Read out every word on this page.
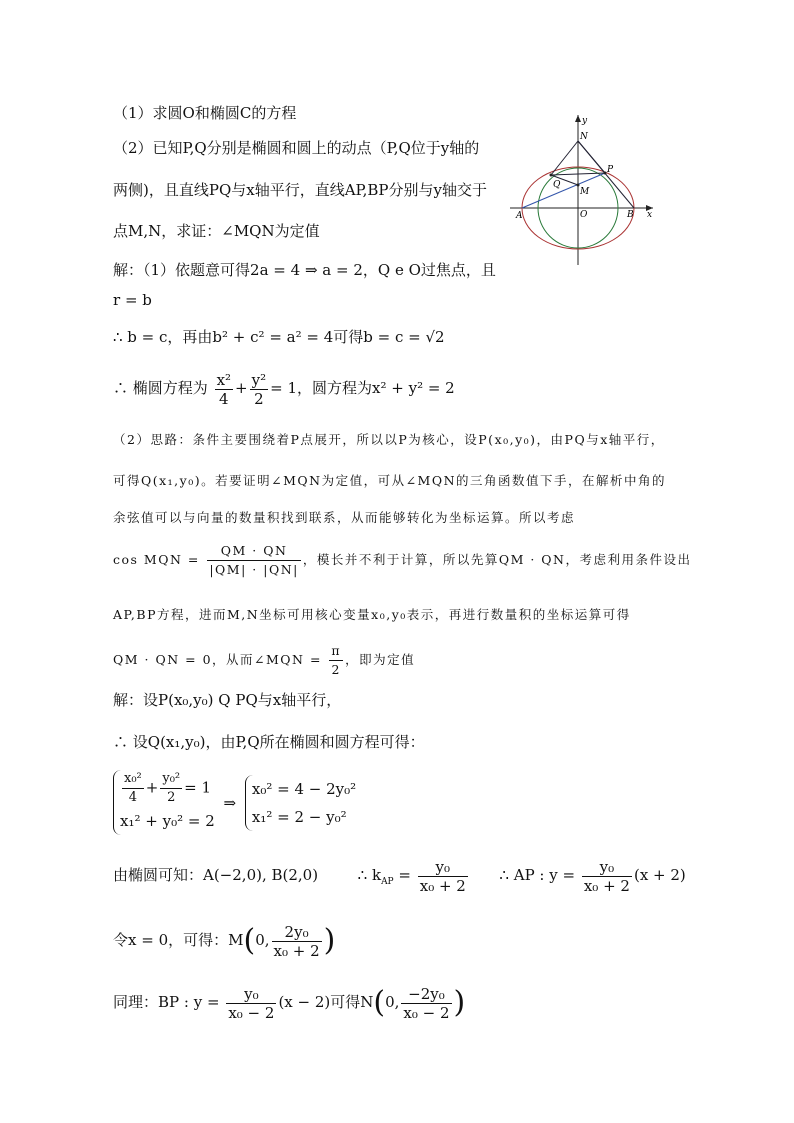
（1）求圆O和椭圆C的方程
（2）已知P,Q分别是椭圆和圆上的动点（P,Q位于y轴的
两侧)，且直线PQ与x轴平行，直线AP,BP分别与y轴交于
点M,N，求证：∠MQN为定值
y
N
P
Q
M
A	O	B x
解：（1）依题意可得2a = 4 ⇒ a = 2，Q e O过焦点，且
r = b
∴ b = c，再由b² + c² = a² = 4可得b = c = √2
∴ 椭圆方程为 $\frac{\text{x²}}{4} + \frac{\text{y²}}{2} = 1$，圆方程为x² + y² = 2
（2）思路：条件主要围绕着P点展开，所以以P为核心，设P(x₀,y₀)，由PQ与x轴平行，
可得Q(x₁,y₀)。若要证明∠MQN为定值，可从∠MQN的三角函数值下手，在解析中角的
余弦值可以与向量的数量积找到联系，从而能够转化为坐标运算。所以考虑
cos MQN = $\frac{QM \cdot QN}{|QM| \cdot |QN|}$ ，模长并不利于计算，所以先算QM · QN，考虑利用条件设出
AP,BP方程，进而M,N坐标可用核心变量x₀,y₀表示，再进行数量积的坐标运算可得
QM · QN = 0，从而∠MQN = $\frac{\pi}{2}$ ，即为定值
解：设P(x₀,y₀) Q PQ与x轴平行，
∴ 设Q(x₁,y₀)，由P,Q所在椭圆和圆方程可得：
$\frac{\text{x₀²}}{4} + \frac{\text{y₀²}}{2} = 1$
x₁² + y₀² = 2
⇒
x₀² = 4 − 2y₀²
x₁² = 2 − y₀²
由椭圆可知：A(−2,0), B(2,0)	∴ $k_{AP} = \frac{\text{y₀}}{\text{x₀ + 2}}$ ∴ AP : $y = \frac{\text{y₀}}{\text{x₀ + 2}} (x + 2)$
令x = 0，可得：M(0, $\frac{\text{2y₀}}{\text{x₀ + 2}}$ )
同理：BP : $y = \frac{\text{y₀}}{\text{x₀ − 2}} (x - 2)$可得N(0, $\frac{\text{−2y₀}}{\text{x₀ − 2}}$ )
